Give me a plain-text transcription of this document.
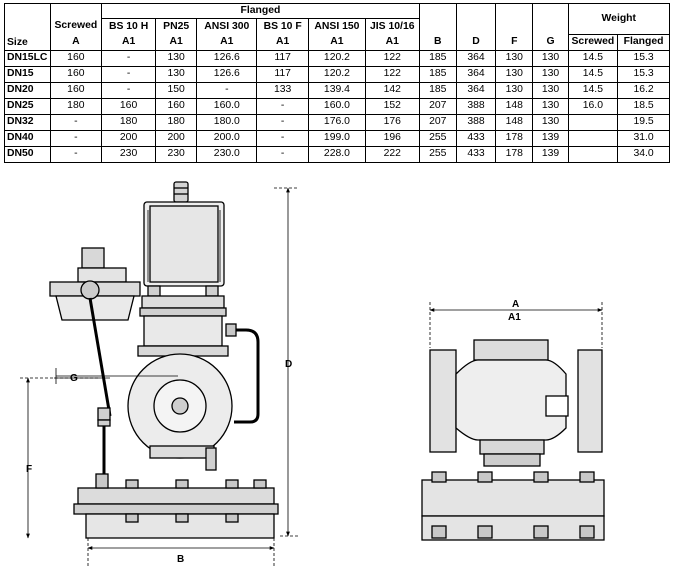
		Flanged										Weight	
	Screwed	BS 10 H	PN25	ANSI 300	BS 10 F	ANSI 150	JIS 10/16						
Size	A	A1	A1	A1	A1	A1	A1	B	D	F	G	Screwed	Flanged
DN15LC	160	-	130	126.6	117	120.2	122	185	364	130	130	14.5	15.3
DN15	160	-	130	126.6	117	120.2	122	185	364	130	130	14.5	15.3
DN20	160	-	150	-	133	139.4	142	185	364	130	130	14.5	16.2
DN25	180	160	160	160.0	-	160.0	152	207	388	148	130	16.0	18.5
DN32	-	180	180	180.0	-	176.0	176	207	388	148	130		19.5
DN40	-	200	200	200.0	-	199.0	196	255	433	178	139		31.0
DN50	-	230	230	230.0	-	228.0	222	255	433	178	139		34.0
G
D
F
B
A
A1
